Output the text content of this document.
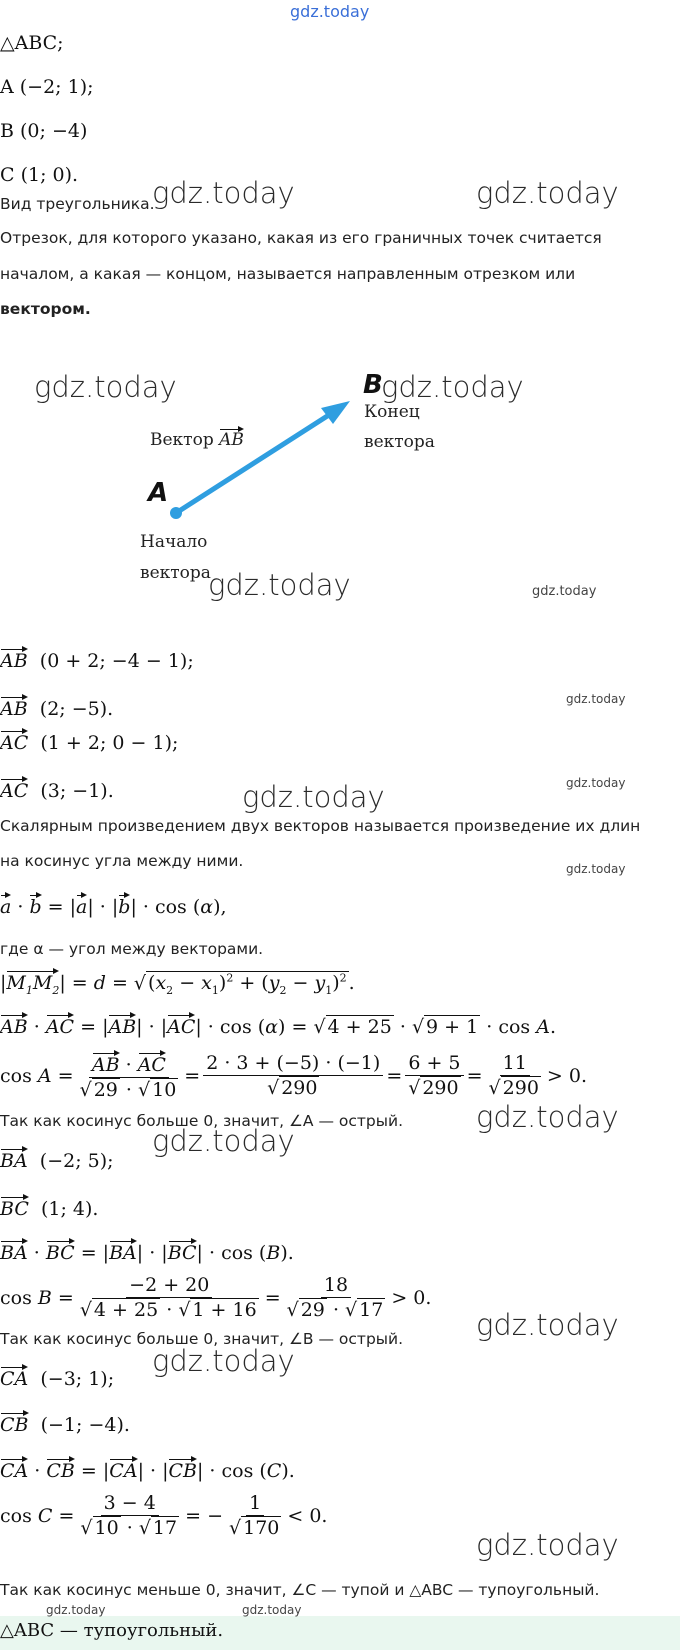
gdz.today
△ABC;
A (−2; 1);
B (0; −4)
C (1; 0).
Вид треугольника.
gdz.today	gdz.today
Отрезок, для которого указано, какая из его граничных точек считается
началом, а какая — концом, называется направленным отрезком или
вектором.
B
gdz.today
Конец
вектора
Вектор AB
A
Начало
вектора
gdz.today
gdz.today	gdz.today
AB (0 + 2; −4 − 1);
gdz.today
AB (2; −5).
AC (1 + 2; 0 − 1);
AC (3; −1).	gdz.today
gdz.today
Скалярным произведением двух векторов называется произведение их длин
на косинус угла между ними.	gdz.today
a · b = |a| · |b| · cos (α),
где α — угол между векторами.
$|M_1M_2| = d$ = √ $(x_2 - x_1)^2 + (y_2 - y_1)^2$ .
AB · AC = |AB| · |AC| · cos (α) = √ 4 + 25 · √ 9 + 1 · cos A.
$\cos A = \frac{AB \cdot AC}{√ 29 \cdot √ 10} = \frac{2 \cdot 3 + (-5) \cdot (-1)}{√ 290} = \frac{6 + 5}{√ 290} = \frac{11}{√ 290} > 0$.
Так как косинус больше 0, значит, ∠A — острый.	gdz.today
gdz.today
BA (−2; 5);
BC (1; 4).
BA · BC = |BA| · |BC| · cos (B).
$\cos B = \frac{-2 + 20}{√ 4 + 25 \cdot √ 1 + 16} = \frac{18}{√ 29 \cdot √ 17} > 0$.
gdz.today
Так как косинус больше 0, значит, ∠B — острый.
gdz.today
CA (−3; 1);
CB (−1; −4).
CA · CB = |CA| · |CB| · cos (C).
$\cos C = \frac{3 - 4}{√ 10 \cdot √ 17}$ = − $\frac{1}{√ 170} < 0$.
gdz.today
Так как косинус меньше 0, значит, ∠C — тупой и △ABC — тупоугольный.
gdz.today	gdz.today
△ABC — тупоугольный.
